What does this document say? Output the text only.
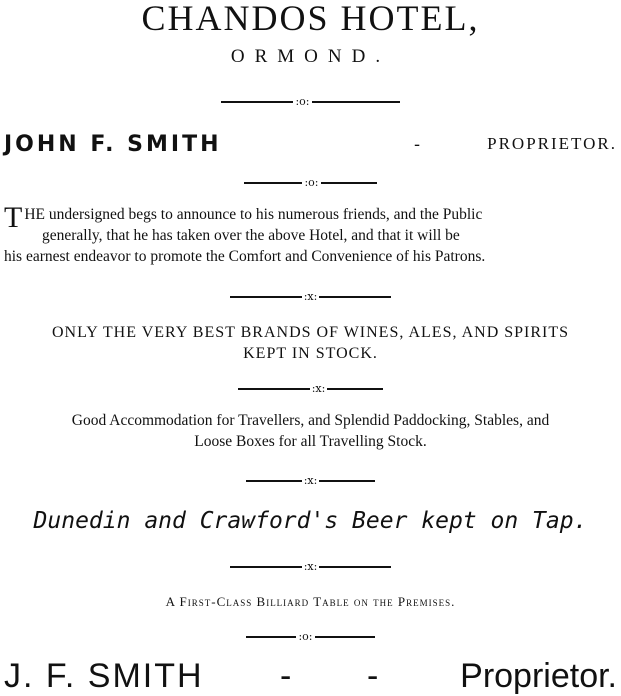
CHANDOS HOTEL,
ORMOND.
:o:
JOHN F. SMITH	-	PROPRIETOR.
:o:
T HE undersigned begs to announce to his numerous friends, and the Public
generally, that he has taken over the above Hotel, and that it will be
his earnest endeavor to promote the Comfort and Convenience of his Patrons.
:x:
ONLY THE VERY BEST BRANDS OF WINES, ALES, AND SPIRITS
KEPT IN STOCK.
:x:
Good Accommodation for Travellers, and Splendid Paddocking, Stables, and
Loose Boxes for all Travelling Stock.
:x:
Dunedin and Crawford's Beer kept on Tap.
:x:
A First-Class Billiard Table on the Premises.
:o:
J. F. SMITH - - Proprietor.
